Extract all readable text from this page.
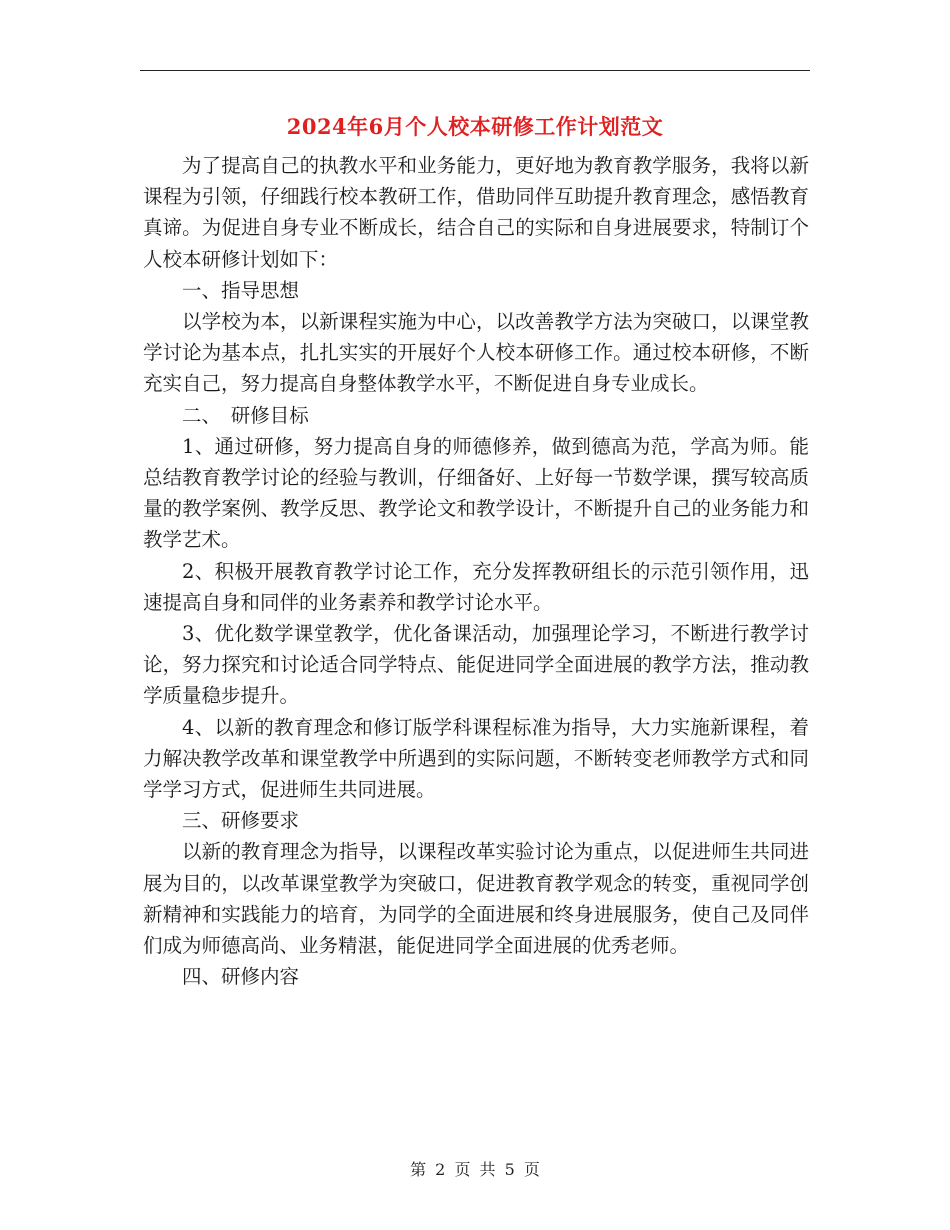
2024年6月个人校本研修工作计划范文

为了提高自己的执教水平和业务能力，更好地为教育教学服务，我将以新课程为引领，仔细践行校本教研工作，借助同伴互助提升教育理念，感悟教育真谛。为促进自身专业不断成长，结合自己的实际和自身进展要求，特制订个人校本研修计划如下：

一、指导思想

以学校为本，以新课程实施为中心，以改善教学方法为突破口，以课堂教学讨论为基本点，扎扎实实的开展好个人校本研修工作。通过校本研修，不断充实自己，努力提高自身整体教学水平，不断促进自身专业成长。

二、　研修目标

1、通过研修，努力提高自身的师德修养，做到德高为范，学高为师。能总结教育教学讨论的经验与教训，仔细备好、上好每一节数学课，撰写较高质量的教学案例、教学反思、教学论文和教学设计，不断提升自己的业务能力和教学艺术。

2、积极开展教育教学讨论工作，充分发挥教研组长的示范引领作用，迅速提高自身和同伴的业务素养和教学讨论水平。

3、优化数学课堂教学，优化备课活动，加强理论学习，不断进行教学讨论，努力探究和讨论适合同学特点、能促进同学全面进展的教学方法，推动教学质量稳步提升。

4、以新的教育理念和修订版学科课程标准为指导，大力实施新课程，着力解决教学改革和课堂教学中所遇到的实际问题，不断转变老师教学方式和同学学习方式，促进师生共同进展。

三、研修要求

以新的教育理念为指导，以课程改革实验讨论为重点，以促进师生共同进展为目的，以改革课堂教学为突破口，促进教育教学观念的转变，重视同学创新精神和实践能力的培育，为同学的全面进展和终身进展服务，使自己及同伴们成为师德高尚、业务精湛，能促进同学全面进展的优秀老师。

四、研修内容

第 2 页 共 5 页
